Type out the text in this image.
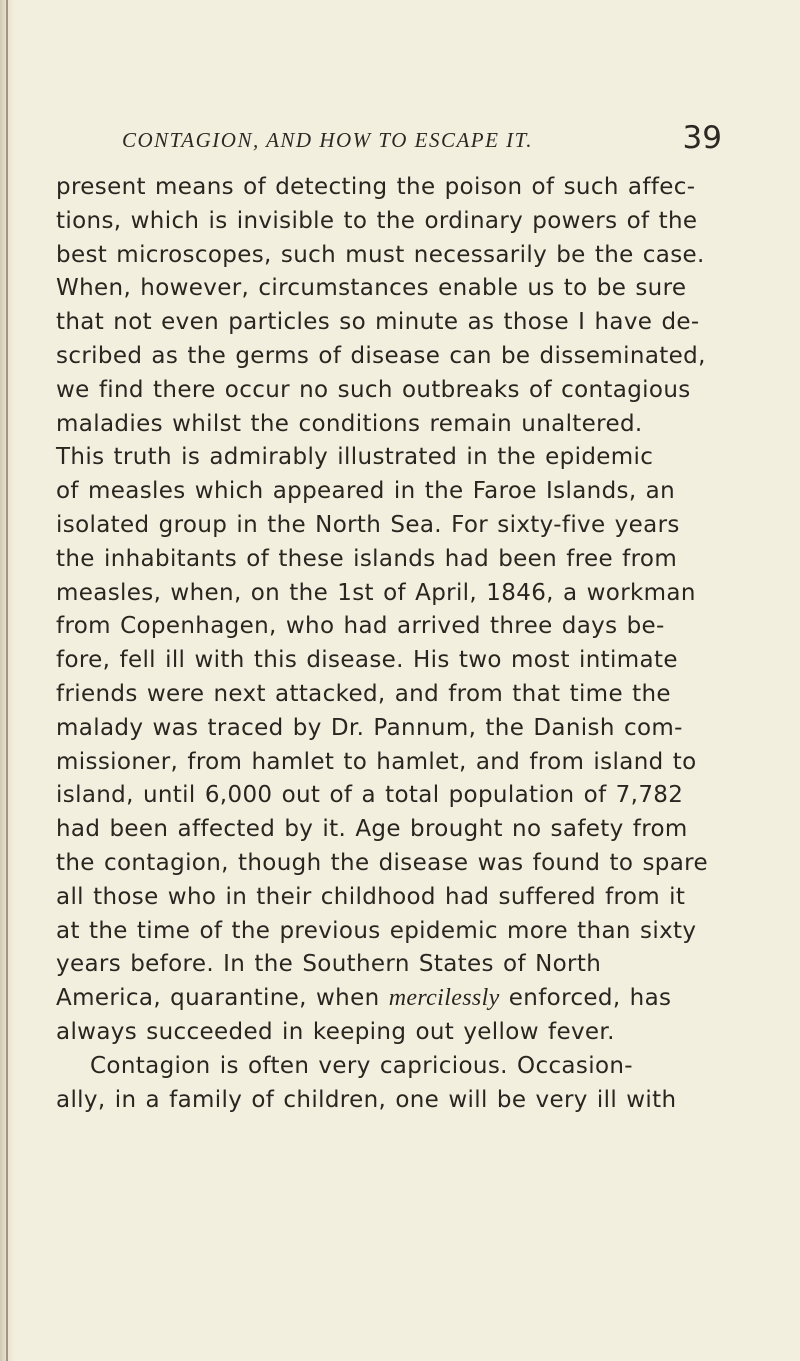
CONTAGION, AND HOW TO ESCAPE IT.	39
present means of detecting the poison of such affec-
tions, which is invisible to the ordinary powers of the
best microscopes, such must necessarily be the case.
When, however, circumstances enable us to be sure
that not even particles so minute as those I have de-
scribed as the germs of disease can be disseminated,
we find there occur no such outbreaks of contagious
maladies whilst the conditions remain unaltered.
This truth is admirably illustrated in the epidemic
of measles which appeared in the Faroe Islands, an
isolated group in the North Sea. For sixty-five years
the inhabitants of these islands had been free from
measles, when, on the 1st of April, 1846, a workman
from Copenhagen, who had arrived three days be-
fore, fell ill with this disease. His two most intimate
friends were next attacked, and from that time the
malady was traced by Dr. Pannum, the Danish com-
missioner, from hamlet to hamlet, and from island to
island, until 6,000 out of a total population of 7,782
had been affected by it. Age brought no safety from
the contagion, though the disease was found to spare
all those who in their childhood had suffered from it
at the time of the previous epidemic more than sixty
years before. In the Southern States of North
America, quarantine, when mercilessly enforced, has
always succeeded in keeping out yellow fever.
Contagion is often very capricious. Occasion-
ally, in a family of children, one will be very ill with
